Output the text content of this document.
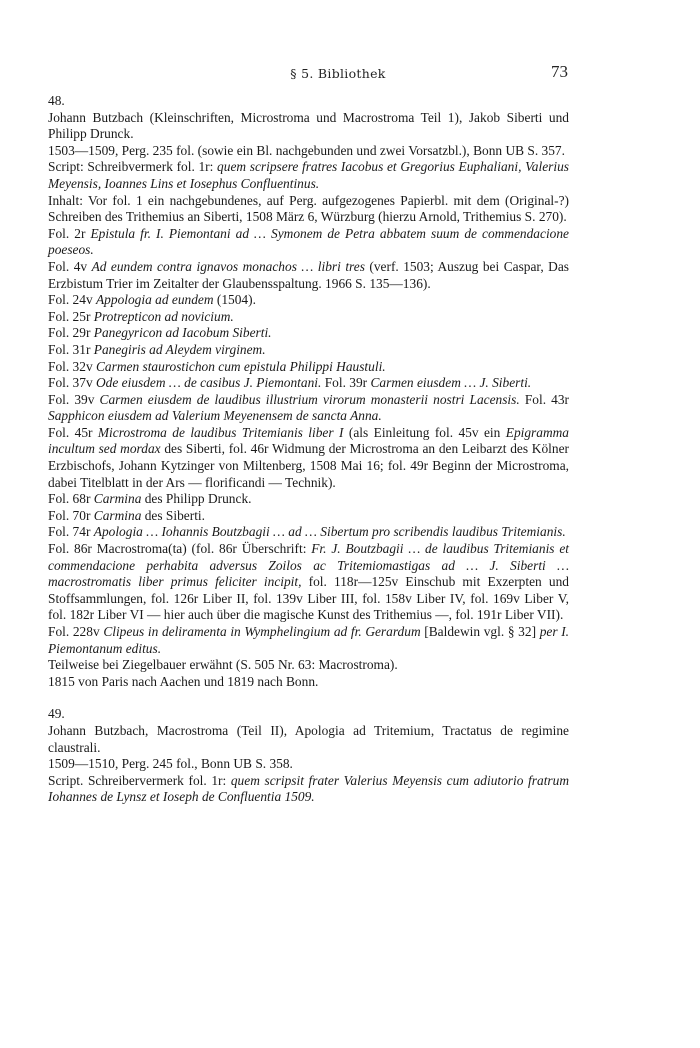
§ 5. Bibliothek	73

48.

Johann Butzbach (Kleinschriften, Microstroma und Macrostroma Teil 1), Jakob Siberti und Philipp Drunck.

1503—1509, Perg. 235 fol. (sowie ein Bl. nachgebunden und zwei Vorsatzbl.), Bonn UB S. 357.

Script: Schreibvermerk fol. 1r: quem scripsere fratres Iacobus et Gregorius Euphaliani, Valerius Meyensis, Ioannes Lins et Iosephus Confluentinus.

Inhalt: Vor fol. 1 ein nachgebundenes, auf Perg. aufgezogenes Papierbl. mit dem (Original-?) Schreiben des Trithemius an Siberti, 1508 März 6, Würzburg (hierzu Arnold, Trithemius S. 270).

Fol. 2r Epistula fr. I. Piemontani ad … Symonem de Petra abbatem suum de commendacione poeseos.

Fol. 4v Ad eundem contra ignavos monachos … libri tres (verf. 1503; Auszug bei Caspar, Das Erzbistum Trier im Zeitalter der Glaubensspaltung. 1966 S. 135—136).

Fol. 24v Appologia ad eundem (1504).

Fol. 25r Protrepticon ad novicium.

Fol. 29r Panegyricon ad Iacobum Siberti.

Fol. 31r Panegiris ad Aleydem virginem.

Fol. 32v Carmen staurostichon cum epistula Philippi Haustuli.

Fol. 37v Ode eiusdem … de casibus J. Piemontani. Fol. 39r Carmen eiusdem … J. Siberti.

Fol. 39v Carmen eiusdem de laudibus illustrium virorum monasterii nostri Lacensis. Fol. 43r Sapphicon eiusdem ad Valerium Meyenensem de sancta Anna.

Fol. 45r Microstroma de laudibus Tritemianis liber I (als Einleitung fol. 45v ein Epigramma incultum sed mordax des Siberti, fol. 46r Widmung der Microstroma an den Leibarzt des Kölner Erzbischofs, Johann Kytzinger von Miltenberg, 1508 Mai 16; fol. 49r Beginn der Microstroma, dabei Titelblatt in der Ars — florificandi — Technik).

Fol. 68r Carmina des Philipp Drunck.

Fol. 70r Carmina des Siberti.

Fol. 74r Apologia … Iohannis Boutzbagii … ad … Sibertum pro scribendis laudibus Tritemianis.

Fol. 86r Macrostroma(ta) (fol. 86r Überschrift: Fr. J. Boutzbagii … de laudibus Tritemianis et commendacione perhabita adversus Zoilos ac Tritemiomastigas ad … J. Siberti … macrostromatis liber primus feliciter incipit, fol. 118r—125v Einschub mit Exzerpten und Stoffsammlungen, fol. 126r Liber II, fol. 139v Liber III, fol. 158v Liber IV, fol. 169v Liber V, fol. 182r Liber VI — hier auch über die magische Kunst des Trithemius —, fol. 191r Liber VII).

Fol. 228v Clipeus in deliramenta in Wymphelingium ad fr. Gerardum [Baldewin vgl. § 32] per I. Piemontanum editus.

Teilweise bei Ziegelbauer erwähnt (S. 505 Nr. 63: Macrostroma).

1815 von Paris nach Aachen und 1819 nach Bonn.

49.

Johann Butzbach, Macrostroma (Teil II), Apologia ad Tritemium, Tractatus de regimine claustrali.

1509—1510, Perg. 245 fol., Bonn UB S. 358.

Script. Schreibervermerk fol. 1r: quem scripsit frater Valerius Meyensis cum adiutorio fratrum Iohannes de Lynsz et Ioseph de Confluentia 1509.
